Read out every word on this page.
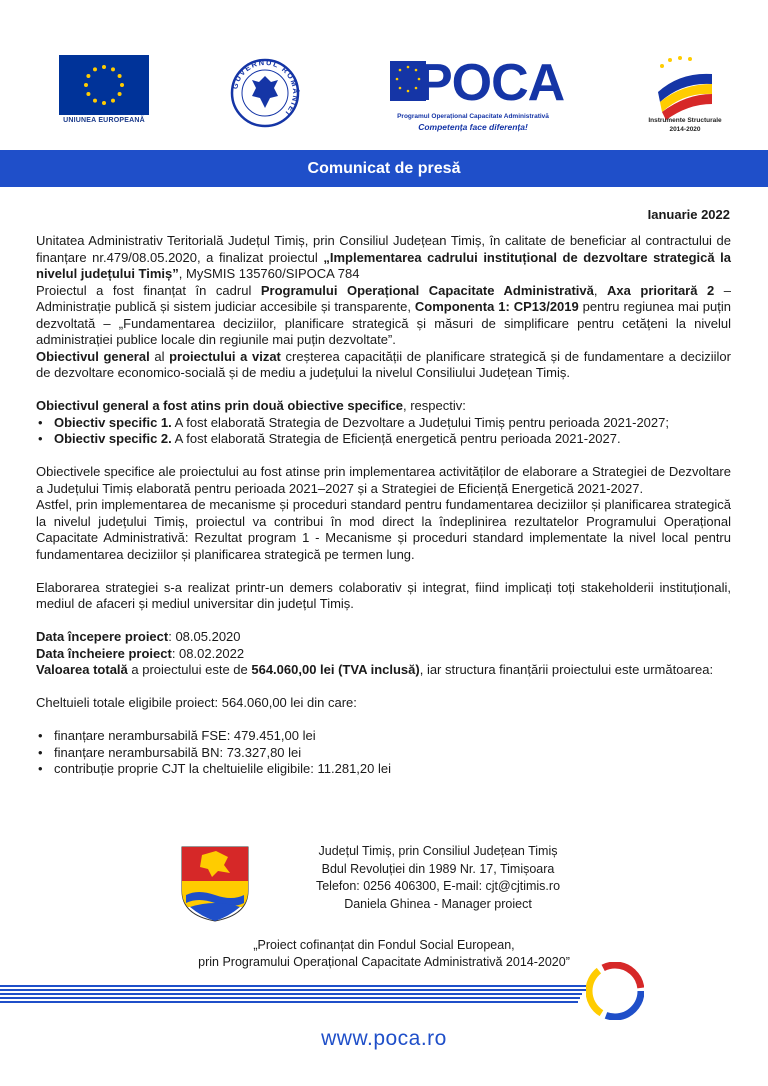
UNIUNEA EUROPEANĂ
GUVERNUL ROMÂNIEI
POCA
Programul Operațional Capacitate Administrativă
Competența face diferența!
Instrumente Structurale
2014-2020
Comunicat de presă
Ianuarie 2022

Unitatea Administrativ Teritorială Județul Timiș, prin Consiliul Județean Timiș, în calitate de beneficiar al contractului de finanțare nr.479/08.05.2020, a finalizat proiectul „Implementarea cadrului instituțional de dezvoltare strategică la nivelul județului Timiș”, MySMIS 135760/SIPOCA 784

Proiectul a fost finanțat în cadrul Programului Operațional Capacitate Administrativă, Axa prioritară 2 – Administrație publică și sistem judiciar accesibile și transparente, Componenta 1: CP13/2019 pentru regiunea mai puțin dezvoltată – „Fundamentarea deciziilor, planificare strategică și măsuri de simplificare pentru cetățeni la nivelul administrației publice locale din regiunile mai puțin dezvoltate”.

Obiectivul general al proiectului a vizat creșterea capacității de planificare strategică și de fundamentare a deciziilor de dezvoltare economico-socială și de mediu a județului la nivelul Consiliului Județean Timiș.

Obiectivul general a fost atins prin două obiective specifice, respectiv:

• Obiectiv specific 1. A fost elaborată Strategia de Dezvoltare a Județului Timiș pentru perioada 2021-2027;

• Obiectiv specific 2. A fost elaborată Strategia de Eficiență energetică pentru perioada 2021-2027.

Obiectivele specifice ale proiectului au fost atinse prin implementarea activităților de elaborare a Strategiei de Dezvoltare a Județului Timiș elaborată pentru perioada 2021–2027 și a Strategiei de Eficiență Energetică 2021-2027.

Astfel, prin implementarea de mecanisme și proceduri standard pentru fundamentarea deciziilor și planificarea strategică la nivelul județului Timiș, proiectul va contribui în mod direct la îndeplinirea rezultatelor Programului Operațional Capacitate Administrativă: Rezultat program 1 - Mecanisme și proceduri standard implementate la nivel local pentru fundamentarea deciziilor și planificarea strategică pe termen lung.

Elaborarea strategiei s-a realizat printr-un demers colaborativ și integrat, fiind implicați toți stakeholderii instituționali, mediul de afaceri și mediul universitar din județul Timiș.

Data începere proiect: 08.05.2020

Data încheiere proiect: 08.02.2022

Valoarea totală a proiectului este de 564.060,00 lei (TVA inclusă), iar structura finanțării proiectului este următoarea:

Cheltuieli totale eligibile proiect: 564.060,00 lei din care:

• finanțare nerambursabilă FSE: 479.451,00 lei

• finanțare nerambursabilă BN: 73.327,80 lei

• contribuție proprie CJT la cheltuielile eligibile: 11.281,20 lei

Județul Timiș, prin Consiliul Județean Timiș
Bdul Revoluției din 1989 Nr. 17, Timișoara
Telefon: 0256 406300, E-mail: cjt@cjtimis.ro
Daniela Ghinea - Manager proiect
„Proiect cofinanțat din Fondul Social European,
prin Programului Operațional Capacitate Administrativă 2014-2020”
www.poca.ro
